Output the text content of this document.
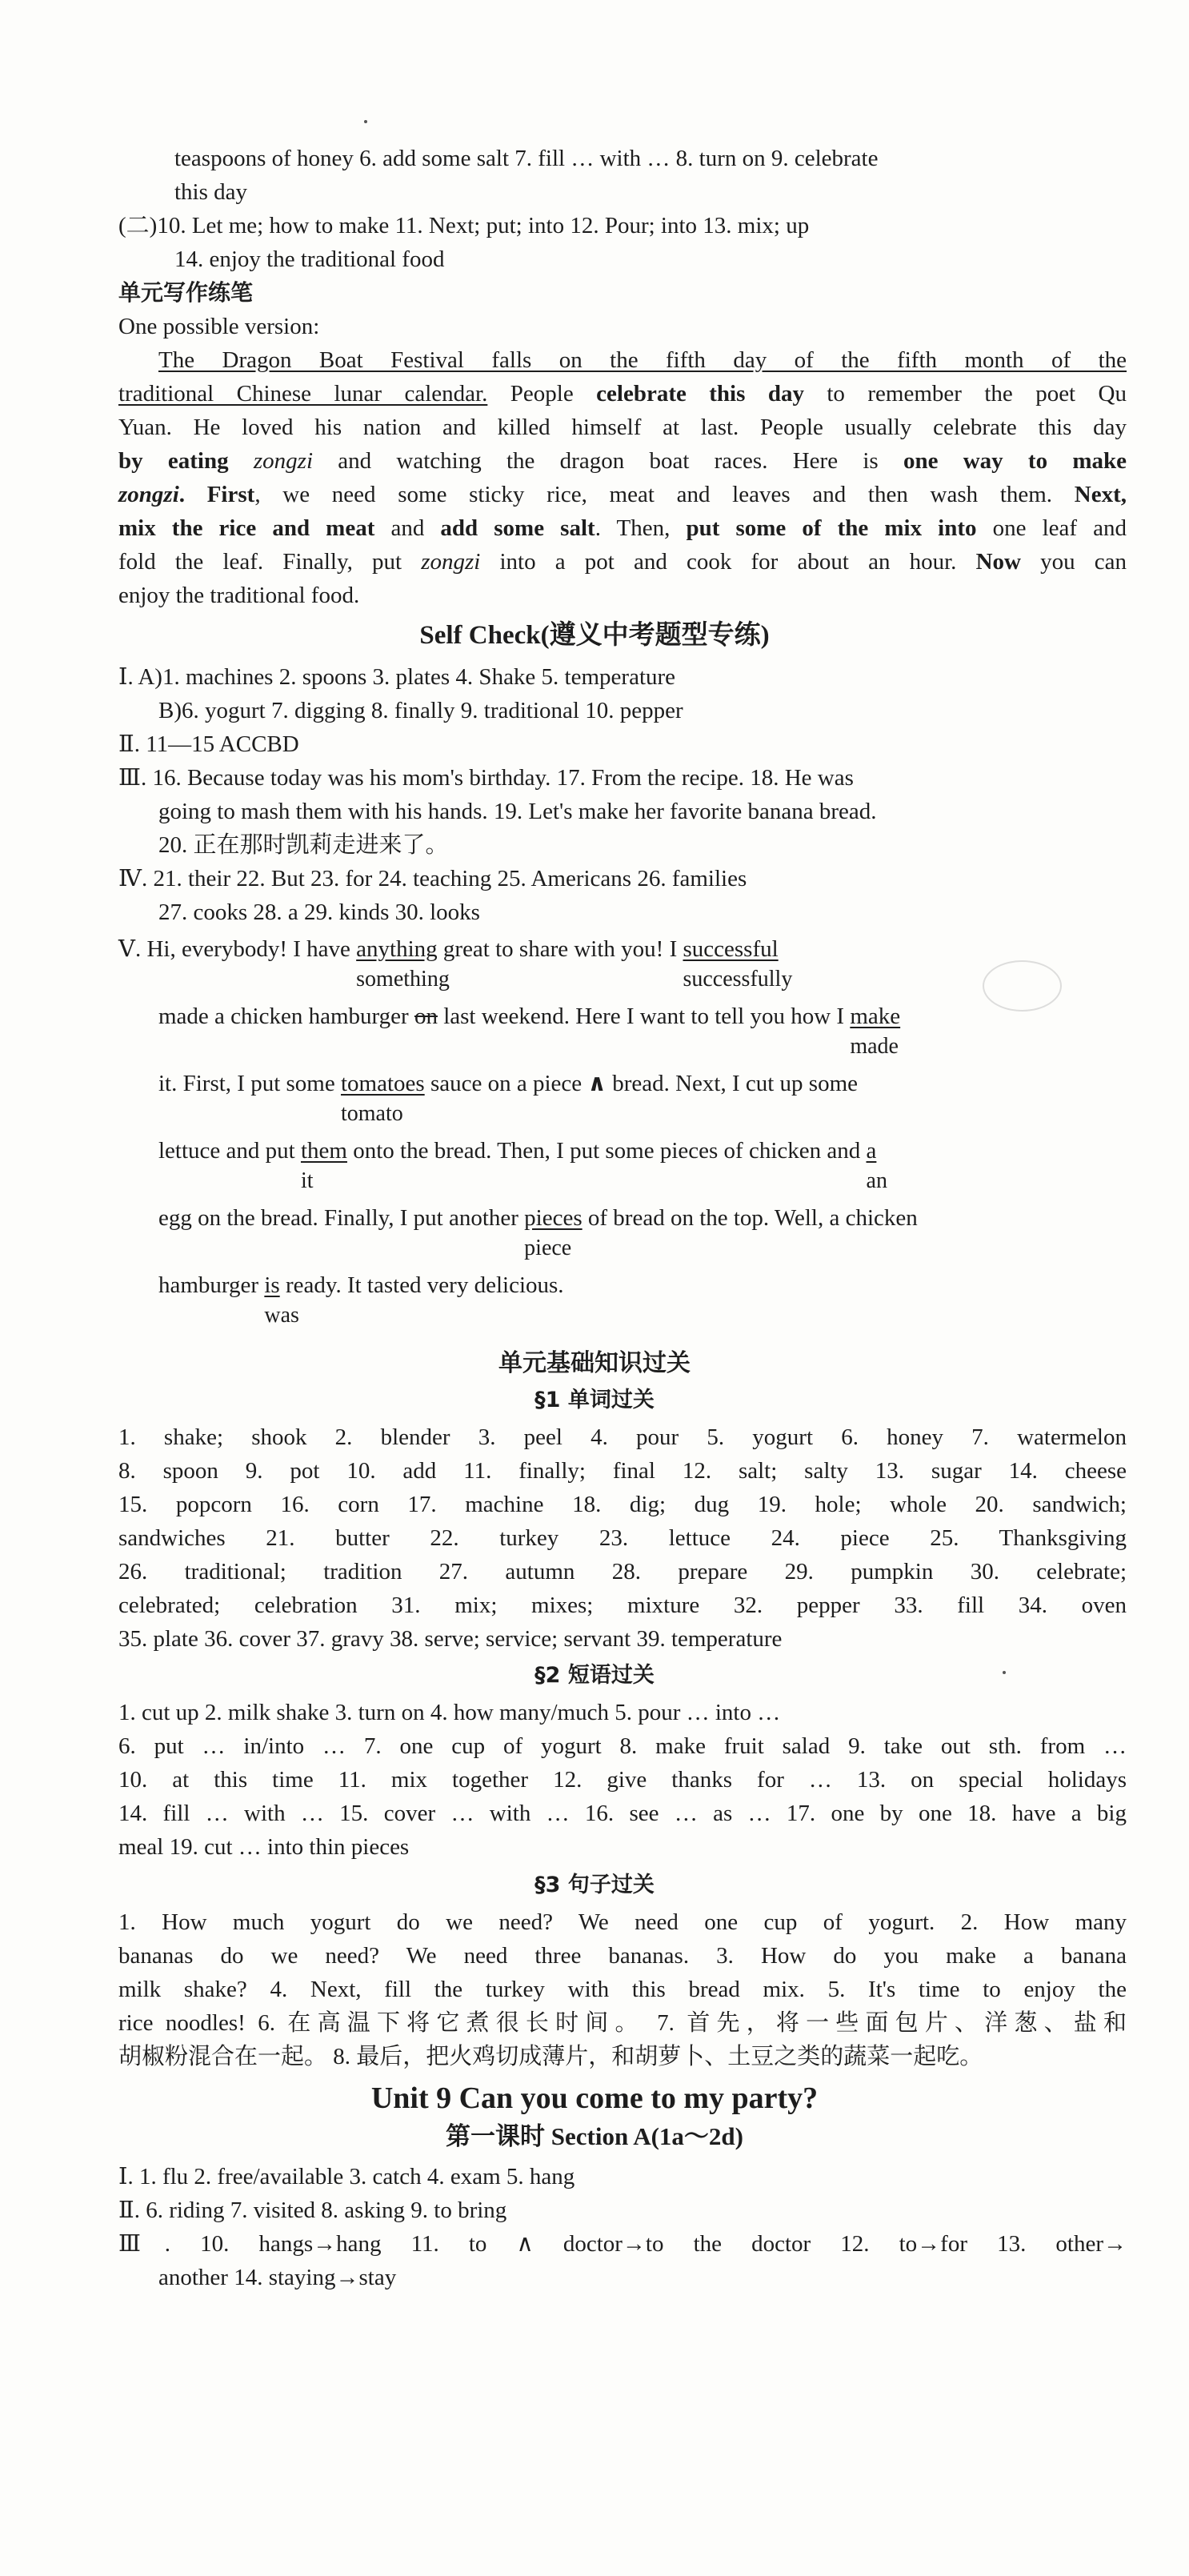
teaspoons of honey 6. add some salt 7. fill … with … 8. turn on 9. celebrate
this day
(二)10. Let me; how to make 11. Next; put; into 12. Pour; into 13. mix; up
14. enjoy the traditional food
单元写作练笔
One possible version:
The Dragon Boat Festival falls on the fifth day of the fifth month of the
traditional Chinese lunar calendar. People celebrate this day to remember the poet Qu
Yuan. He loved his nation and killed himself at last. People usually celebrate this day
by eating zongzi and watching the dragon boat races. Here is one way to make
zongzi. First, we need some sticky rice, meat and leaves and then wash them. Next,
mix the rice and meat and add some salt. Then, put some of the mix into one leaf and
fold the leaf. Finally, put zongzi into a pot and cook for about an hour. Now you can
enjoy the traditional food.
Self Check(遵义中考题型专练)
Ⅰ. A)1. machines 2. spoons 3. plates 4. Shake 5. temperature
B)6. yogurt 7. digging 8. finally 9. traditional 10. pepper
Ⅱ. 11—15 ACCBD
Ⅲ. 16. Because today was his mom's birthday. 17. From the recipe. 18. He was
going to mash them with his hands. 19. Let's make her favorite banana bread.
20. 正在那时凯莉走进来了。
Ⅳ. 21. their 22. But 23. for 24. teaching 25. Americans 26. families
27. cooks 28. a 29. kinds 30. looks
Ⅴ. Hi, everybody! I have anything
something
great to share with you! I successful
successfully
made a chicken hamburger on last weekend. Here I want to tell you how I make
made
it. First, I put some tomatoes
tomato
sauce on a piece ∧ bread. Next, I cut up some
lettuce and put them
it
onto the bread. Then, I put some pieces of chicken and a
an
egg on the bread. Finally, I put another pieces
piece
of bread on the top. Well, a chicken
hamburger is
was
ready. It tasted very delicious.
单元基础知识过关
§1 单词过关
1. shake; shook 2. blender 3. peel 4. pour 5. yogurt 6. honey 7. watermelon
8. spoon 9. pot 10. add 11. finally; final 12. salt; salty 13. sugar 14. cheese
15. popcorn 16. corn 17. machine 18. dig; dug 19. hole; whole 20. sandwich;
sandwiches 21. butter 22. turkey 23. lettuce 24. piece 25. Thanksgiving
26. traditional; tradition 27. autumn 28. prepare 29. pumpkin 30. celebrate;
celebrated; celebration 31. mix; mixes; mixture 32. pepper 33. fill 34. oven
35. plate 36. cover 37. gravy 38. serve; service; servant 39. temperature
§2 短语过关
1. cut up 2. milk shake 3. turn on 4. how many/much 5. pour … into …
6. put … in/into … 7. one cup of yogurt 8. make fruit salad 9. take out sth. from …
10. at this time 11. mix together 12. give thanks for … 13. on special holidays
14. fill … with … 15. cover … with … 16. see … as … 17. one by one 18. have a big
meal 19. cut … into thin pieces
§3 句子过关
1. How much yogurt do we need? We need one cup of yogurt. 2. How many
bananas do we need? We need three bananas. 3. How do you make a banana
milk shake? 4. Next, fill the turkey with this bread mix. 5. It's time to enjoy the
rice noodles! 6. 在高温下将它煮很长时间。 7. 首先，将一些面包片、洋葱、盐和
胡椒粉混合在一起。 8. 最后，把火鸡切成薄片，和胡萝卜、土豆之类的蔬菜一起吃。
Unit 9 Can you come to my party?
第一课时 Section A(1a～2d)
Ⅰ. 1. flu 2. free/available 3. catch 4. exam 5. hang
Ⅱ. 6. riding 7. visited 8. asking 9. to bring
Ⅲ. 10. hangs→hang 11. to ∧ doctor→to the doctor 12. to→for 13. other→
another 14. staying→stay
